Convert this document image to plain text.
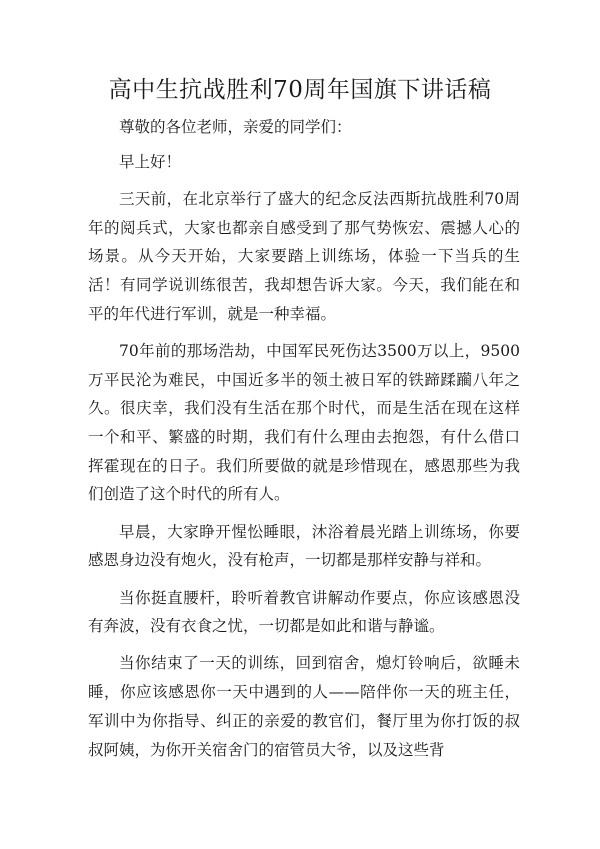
高中生抗战胜利70周年国旗下讲话稿

尊敬的各位老师，亲爱的同学们：

早上好！

三天前，在北京举行了盛大的纪念反法西斯抗战胜利70周年的阅兵式，大家也都亲自感受到了那气势恢宏、震撼人心的场景。从今天开始，大家要踏上训练场，体验一下当兵的生活！有同学说训练很苦，我却想告诉大家。今天，我们能在和平的年代进行军训，就是一种幸福。

70年前的那场浩劫，中国军民死伤达3500万以上，9500万平民沦为难民，中国近多半的领土被日军的铁蹄蹂躏八年之久。很庆幸，我们没有生活在那个时代，而是生活在现在这样一个和平、繁盛的时期，我们有什么理由去抱怨，有什么借口挥霍现在的日子。我们所要做的就是珍惜现在，感恩那些为我们创造了这个时代的所有人。

早晨，大家睁开惺忪睡眼，沐浴着晨光踏上训练场，你要感恩身边没有炮火，没有枪声，一切都是那样安静与祥和。

当你挺直腰杆，聆听着教官讲解动作要点，你应该感恩没有奔波，没有衣食之忧，一切都是如此和谐与静谧。

当你结束了一天的训练，回到宿舍，熄灯铃响后，欲睡未睡，你应该感恩你一天中遇到的人——陪伴你一天的班主任，军训中为你指导、纠正的亲爱的教官们，餐厅里为你打饭的叔叔阿姨，为你开关宿舍门的宿管员大爷，以及这些背
